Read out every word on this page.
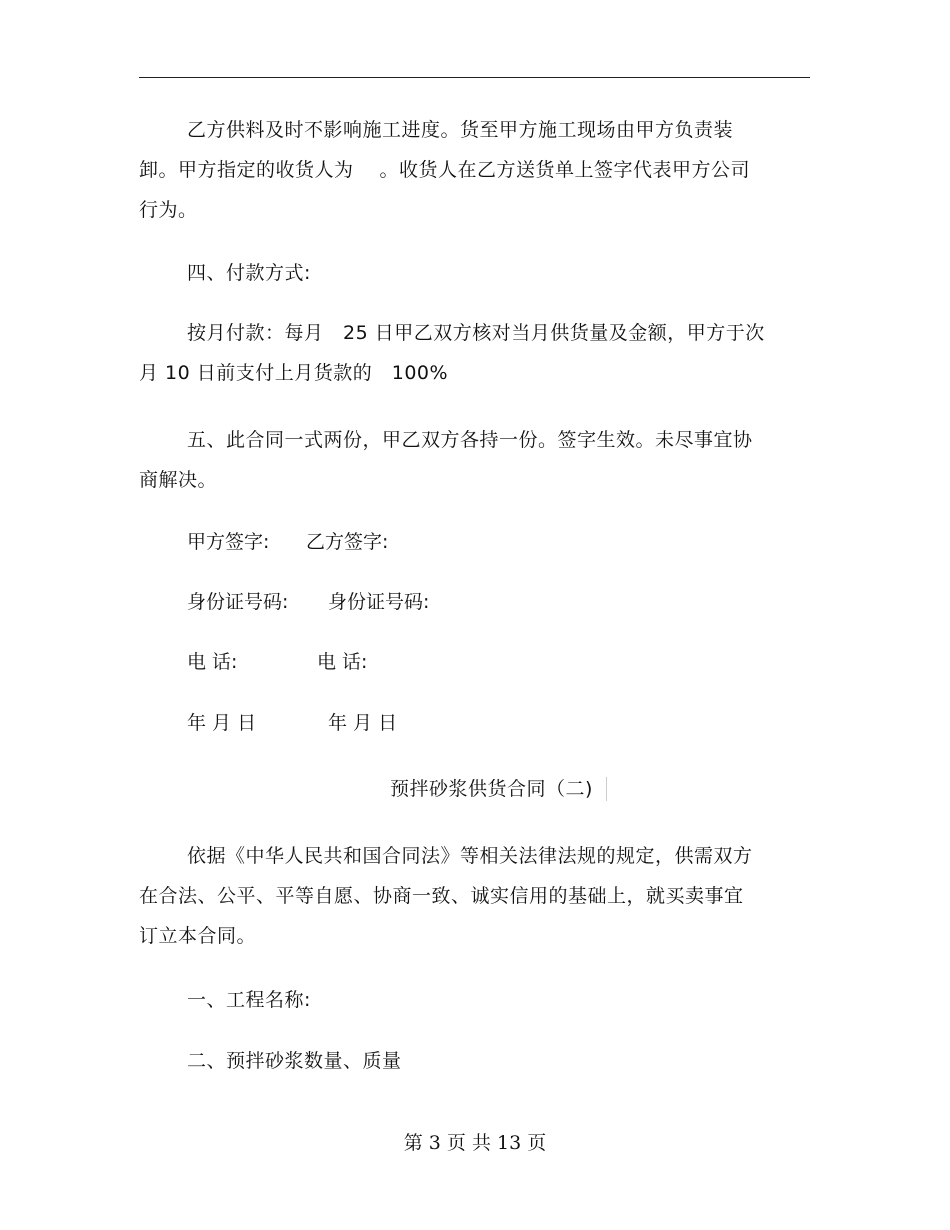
乙方供料及时不影响施工进度。货至甲方施工现场由甲方负责装
卸。甲方指定的收货人为　 。收货人在乙方送货单上签字代表甲方公司
行为。

四、付款方式:

按月付款：每月　25 日甲乙双方核对当月供货量及金额，甲方于次
月 10 日前支付上月货款的　100%

五、此合同一式两份，甲乙双方各持一份。签字生效。未尽事宜协
商解决。

甲方签字: 乙方签字:
身份证号码: 身份证号码:
电 话:	电 话:
年 月 日	年 月 日
预拌砂浆供货合同（二)

依据《中华人民共和国合同法》等相关法律法规的规定，供需双方
在合法、公平、平等自愿、协商一致、诚实信用的基础上，就买卖事宜
订立本合同。

一、工程名称:
二、预拌砂浆数量、质量
第 3 页 共 13 页
